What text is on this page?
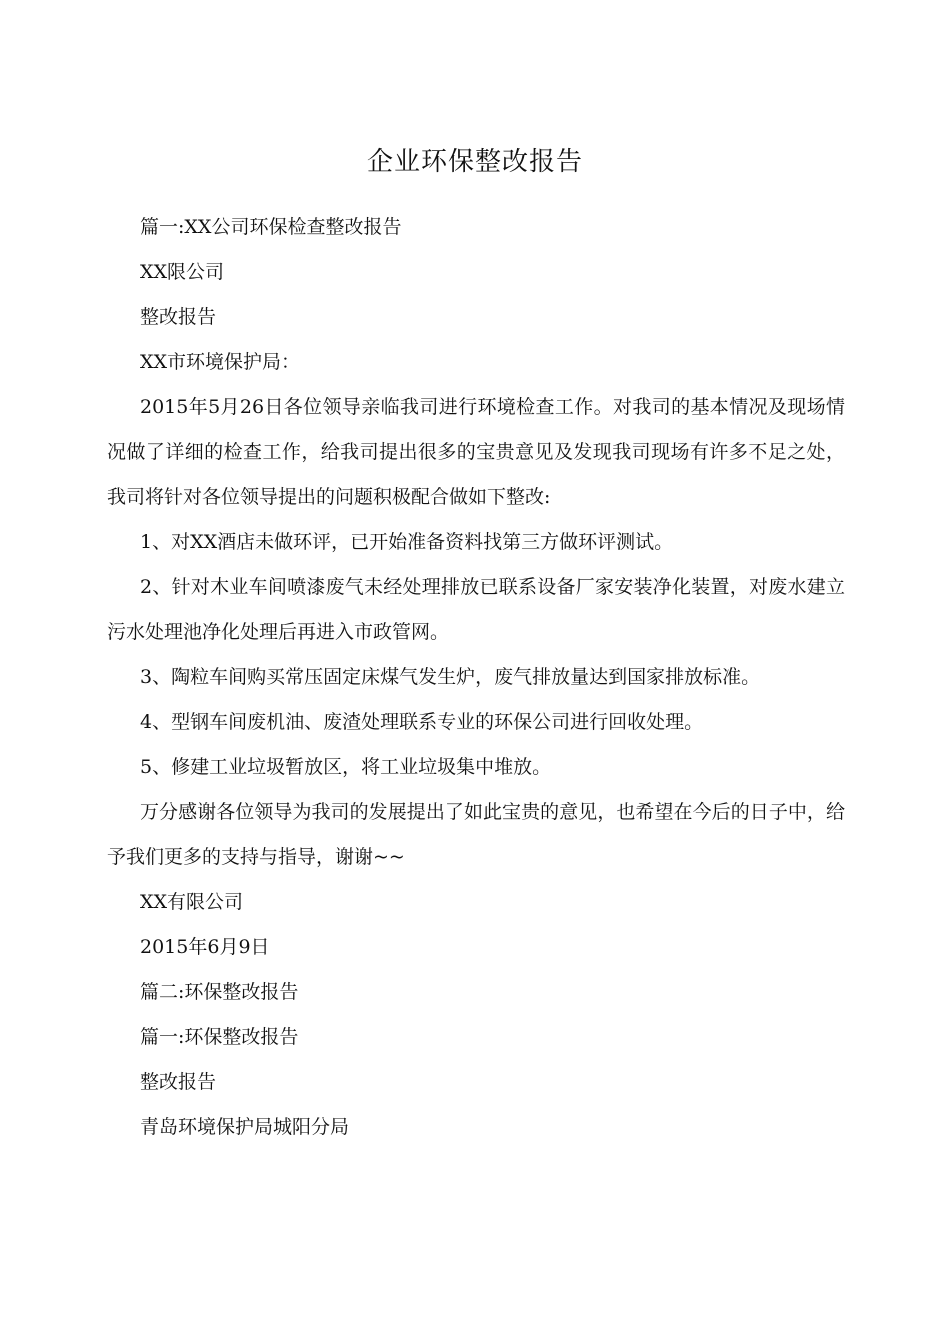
企业环保整改报告

篇一:XX公司环保检查整改报告

XX限公司

整改报告

XX市环境保护局：

2015年5月26日各位领导亲临我司进行环境检查工作。对我司的基本情况及现场情况做了详细的检查工作，给我司提出很多的宝贵意见及发现我司现场有许多不足之处，我司将针对各位领导提出的问题积极配合做如下整改:

1、对XX酒店未做环评，已开始准备资料找第三方做环评测试。

2、针对木业车间喷漆废气未经处理排放已联系设备厂家安装净化装置，对废水建立污水处理池净化处理后再进入市政管网。

3、陶粒车间购买常压固定床煤气发生炉，废气排放量达到国家排放标准。

4、型钢车间废机油、废渣处理联系专业的环保公司进行回收处理。

5、修建工业垃圾暂放区，将工业垃圾集中堆放。

万分感谢各位领导为我司的发展提出了如此宝贵的意见，也希望在今后的日子中，给予我们更多的支持与指导，谢谢~~

XX有限公司

2015年6月9日

篇二:环保整改报告

篇一:环保整改报告

整改报告

青岛环境保护局城阳分局
